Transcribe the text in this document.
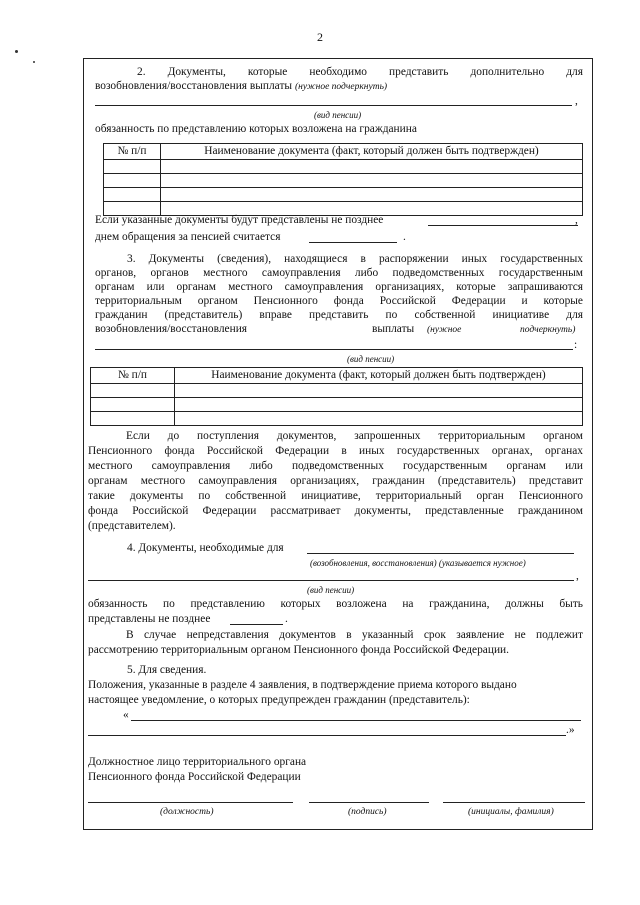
2
2. Документы, которые необходимо представить дополнительно для
возобновления/восстановления выплаты (нужное подчеркнуть)
,
(вид пенсии)
обязанность по представлению которых возложена на гражданина
№ п/п	Наименование документа (факт, который должен быть подтвержден)

Если указанные документы будут представлены не позднее	,
днем обращения за пенсией считается	.
3. Документы (сведения), находящиеся в распоряжении иных государственных
органов, органов местного самоуправления либо подведомственных государственным
органам или органам местного самоуправления организациях, которые запрашиваются
территориальным органом Пенсионного фонда Российской Федерации и которые
гражданин (представитель) вправе представить по собственной инициативе для
возобновления/восстановления	выплаты (нужное	подчеркнуть)
:
(вид пенсии)
№ п/п	Наименование документа (факт, который должен быть подтвержден)

Если до поступления документов, запрошенных территориальным органом
Пенсионного фонда Российской Федерации в иных государственных органах, органах
местного самоуправления либо подведомственных государственным органам или
органам местного самоуправления организациях, гражданин (представитель) представит
такие документы по собственной инициативе, территориальный орган Пенсионного
фонда Российской Федерации рассматривает документы, представленные гражданином
(представителем).
4. Документы, необходимые для
(возобновления, восстановления) (указывается нужное)
,
(вид пенсии)
обязанность по представлению которых возложена на гражданина, должны быть
представлены не позднее	.
В случае непредставления документов в указанный срок заявление не подлежит
рассмотрению территориальным органом Пенсионного фонда Российской Федерации.
5. Для сведения.
Положения, указанные в разделе 4 заявления, в подтверждение приема которого выдано
настоящее уведомление, о которых предупрежден гражданин (представитель):
«
.»
Должностное лицо территориального органа
Пенсионного фонда Российской Федерации
(должность)	(подпись)	(инициалы, фамилия)
